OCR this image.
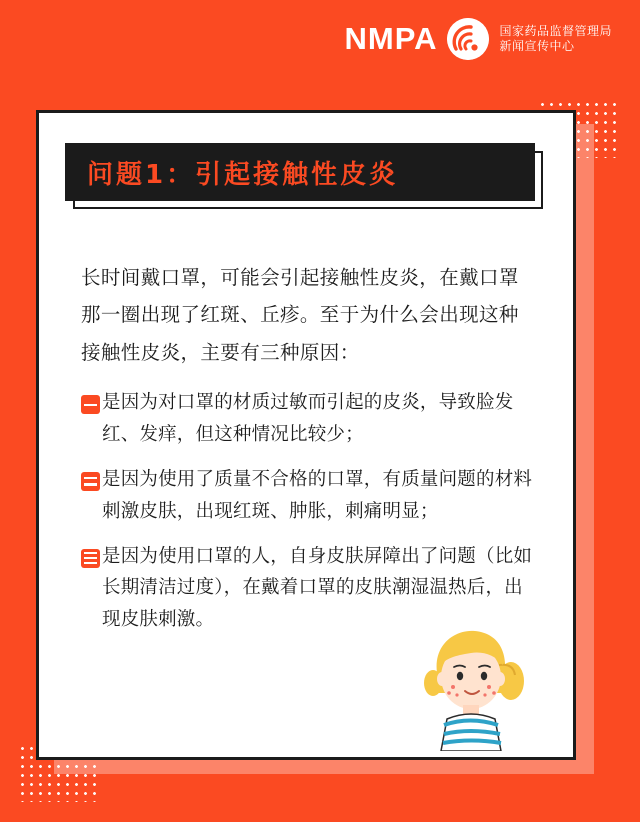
NMPA	国家药品监督管理局
新闻宣传中心
问题1：引起接触性皮炎

长时间戴口罩，可能会引起接触性皮炎，在戴口罩那一圈出现了红斑、丘疹。至于为什么会出现这种接触性皮炎，主要有三种原因：

是因为对口罩的材质过敏而引起的皮炎，导致脸发红、发痒，但这种情况比较少；
是因为使用了质量不合格的口罩，有质量问题的材料刺激皮肤，出现红斑、肿胀，刺痛明显；
是因为使用口罩的人，自身皮肤屏障出了问题（比如长期清洁过度），在戴着口罩的皮肤潮湿温热后，出现皮肤刺激。
